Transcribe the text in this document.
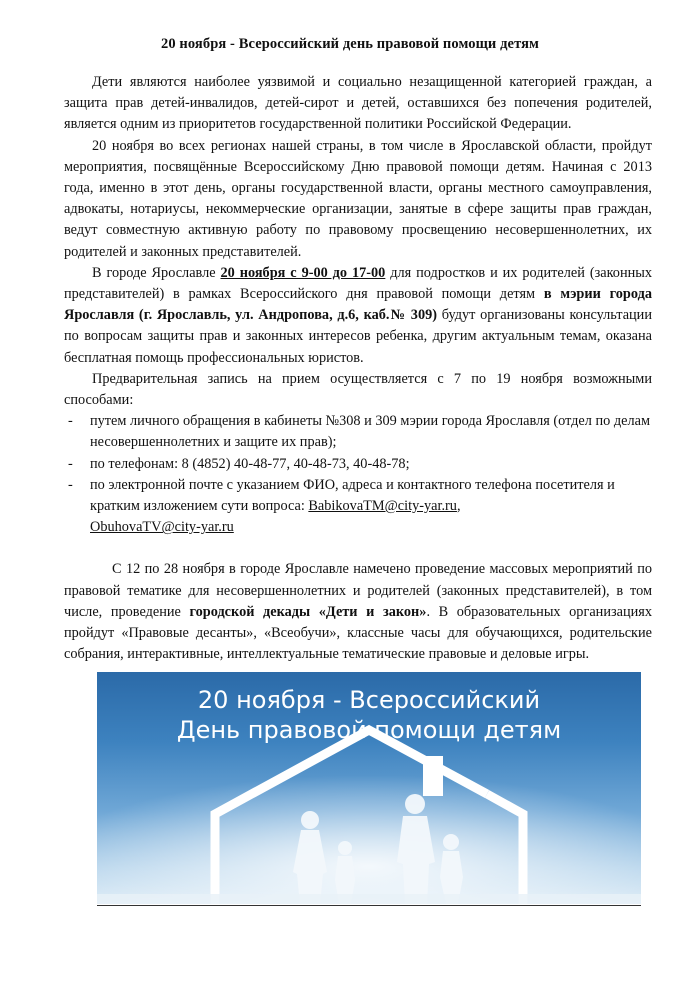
20 ноября - Всероссийский день правовой помощи детям

Дети являются наиболее уязвимой и социально незащищенной категорией граждан, а защита прав детей-инвалидов, детей-сирот и детей, оставшихся без попечения родителей, является одним из приоритетов государственной политики Российской Федерации.

20 ноября во всех регионах нашей страны, в том числе в Ярославской области, пройдут мероприятия, посвящённые Всероссийскому Дню правовой помощи детям. Начиная с 2013 года, именно в этот день, органы государственной власти, органы местного самоуправления, адвокаты, нотариусы, некоммерческие организации, занятые в сфере защиты прав граждан, ведут совместную активную работу по правовому просвещению несовершеннолетних, их родителей и законных представителей.

В городе Ярославле 20 ноября с 9-00 до 17-00 для подростков и их родителей (законных представителей) в рамках Всероссийского дня правовой помощи детям в мэрии города Ярославля (г. Ярославль, ул. Андропова, д.6, каб.№ 309) будут организованы консультации по вопросам защиты прав и законных интересов ребенка, другим актуальным темам, оказана бесплатная помощь профессиональных юристов.

Предварительная запись на прием осуществляется с 7 по 19 ноября возможными способами:

- путем личного обращения в кабинеты №308 и 309 мэрии города Ярославля (отдел по делам несовершеннолетних и защите их прав);
- по телефонам: 8 (4852) 40-48-77, 40-48-73, 40-48-78;
- по электронной почте с указанием ФИО, адреса и контактного телефона посетителя и кратким изложением сути вопроса: BabikovaTM@city-yar.ru,
ObuhovaTV@city-yar.ru

С 12 по 28 ноября в городе Ярославле намечено проведение массовых мероприятий по правовой тематике для несовершеннолетних и родителей (законных представителей), в том числе, проведение городской декады «Дети и закон». В образовательных организациях пройдут «Правовые десанты», «Всеобучи», классные часы для обучающихся, родительские собрания, интерактивные, интеллектуальные тематические правовые и деловые игры.

20 ноября - Всероссийский
День правовой помощи детям
